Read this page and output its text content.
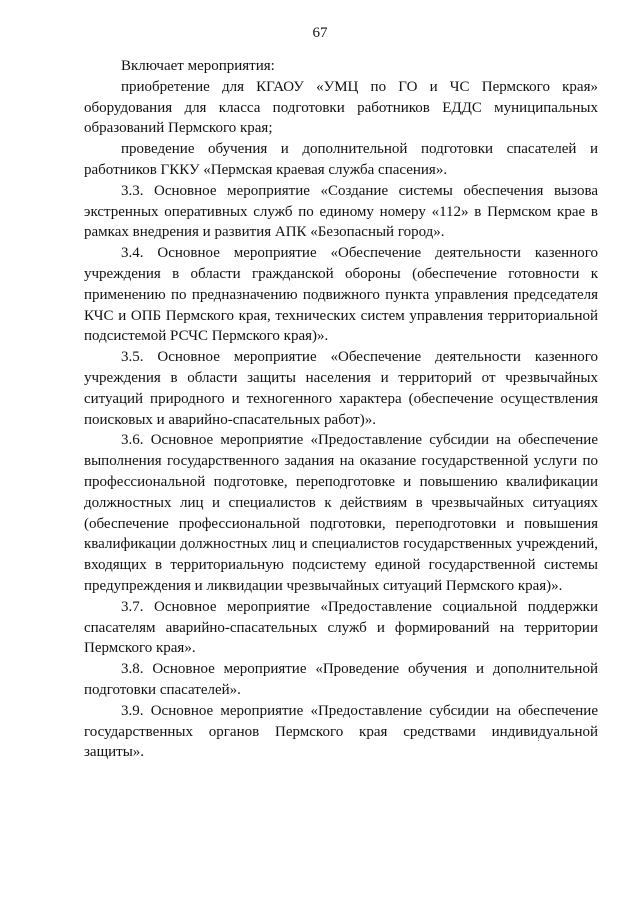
67

Включает мероприятия:

приобретение для КГАОУ «УМЦ по ГО и ЧС Пермского края» оборудования для класса подготовки работников ЕДДС муниципальных образований Пермского края;

проведение обучения и дополнительной подготовки спасателей и работников ГККУ «Пермская краевая служба спасения».

3.3. Основное мероприятие «Создание системы обеспечения вызова экстренных оперативных служб по единому номеру «112» в Пермском крае в рамках внедрения и развития АПК «Безопасный город».

3.4. Основное мероприятие «Обеспечение деятельности казенного учреждения в области гражданской обороны (обеспечение готовности к применению по предназначению подвижного пункта управления председателя КЧС и ОПБ Пермского края, технических систем управления территориальной подсистемой РСЧС Пермского края)».

3.5. Основное мероприятие «Обеспечение деятельности казенного учреждения в области защиты населения и территорий от чрезвычайных ситуаций природного и техногенного характера (обеспечение осуществления поисковых и аварийно-спасательных работ)».

3.6. Основное мероприятие «Предоставление субсидии на обеспечение выполнения государственного задания на оказание государственной услуги по профессиональной подготовке, переподготовке и повышению квалификации должностных лиц и специалистов к действиям в чрезвычайных ситуациях (обеспечение профессиональной подготовки, переподготовки и повышения квалификации должностных лиц и специалистов государственных учреждений, входящих в территориальную подсистему единой государственной системы предупреждения и ликвидации чрезвычайных ситуаций Пермского края)».

3.7. Основное мероприятие «Предоставление социальной поддержки спасателям аварийно-спасательных служб и формирований на территории Пермского края».

3.8. Основное мероприятие «Проведение обучения и дополнительной подготовки спасателей».

3.9. Основное мероприятие «Предоставление субсидии на обеспечение государственных органов Пермского края средствами индивидуальной защиты».
